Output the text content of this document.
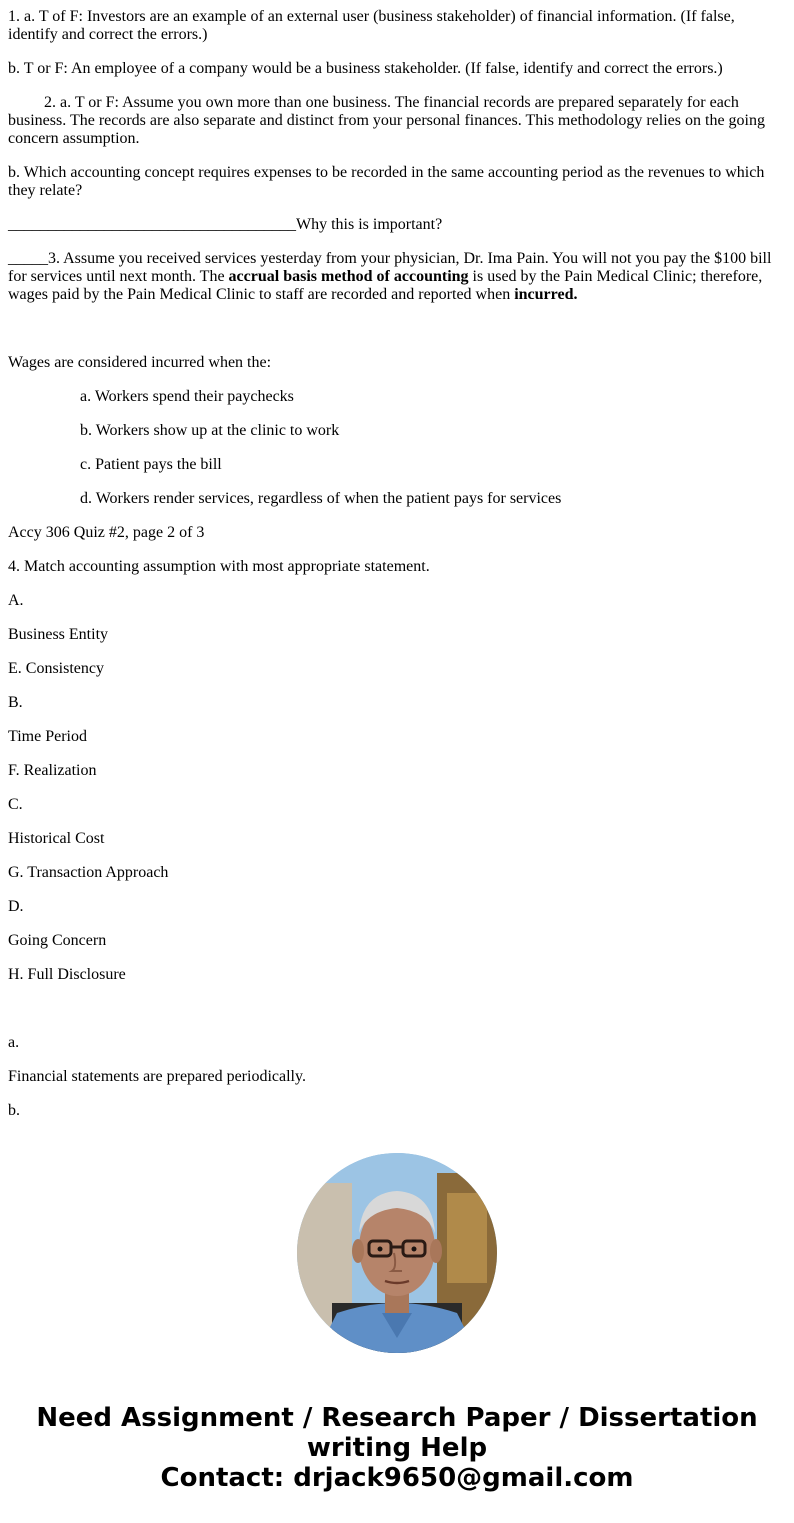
1. a. T of F: Investors are an example of an external user (business stakeholder) of financial information. (If false, identify and correct the errors.)

b. T or F: An employee of a company would be a business stakeholder. (If false, identify and correct the errors.)

2. a. T or F: Assume you own more than one business. The financial records are prepared separately for each business. The records are also separate and distinct from your personal finances. This methodology relies on the going concern assumption.

b. Which accounting concept requires expenses to be recorded in the same accounting period as the revenues to which they relate?

____________________________________Why this is important?

_____3. Assume you received services yesterday from your physician, Dr. Ima Pain. You will not you pay the $100 bill for services until next month. The accrual basis method of accounting is used by the Pain Medical Clinic; therefore, wages paid by the Pain Medical Clinic to staff are recorded and reported when incurred.

Wages are considered incurred when the:

a. Workers spend their paychecks

b. Workers show up at the clinic to work

c. Patient pays the bill

d. Workers render services, regardless of when the patient pays for services

Accy 306 Quiz #2, page 2 of 3

4. Match accounting assumption with most appropriate statement.

A.

Business Entity

E. Consistency

B.

Time Period

F. Realization

C.

Historical Cost

G. Transaction Approach

D.

Going Concern

H. Full Disclosure

a.

Financial statements are prepared periodically.

b.

Need Assignment / Research Paper / Dissertation

writing Help

Contact: drjack9650@gmail.com
